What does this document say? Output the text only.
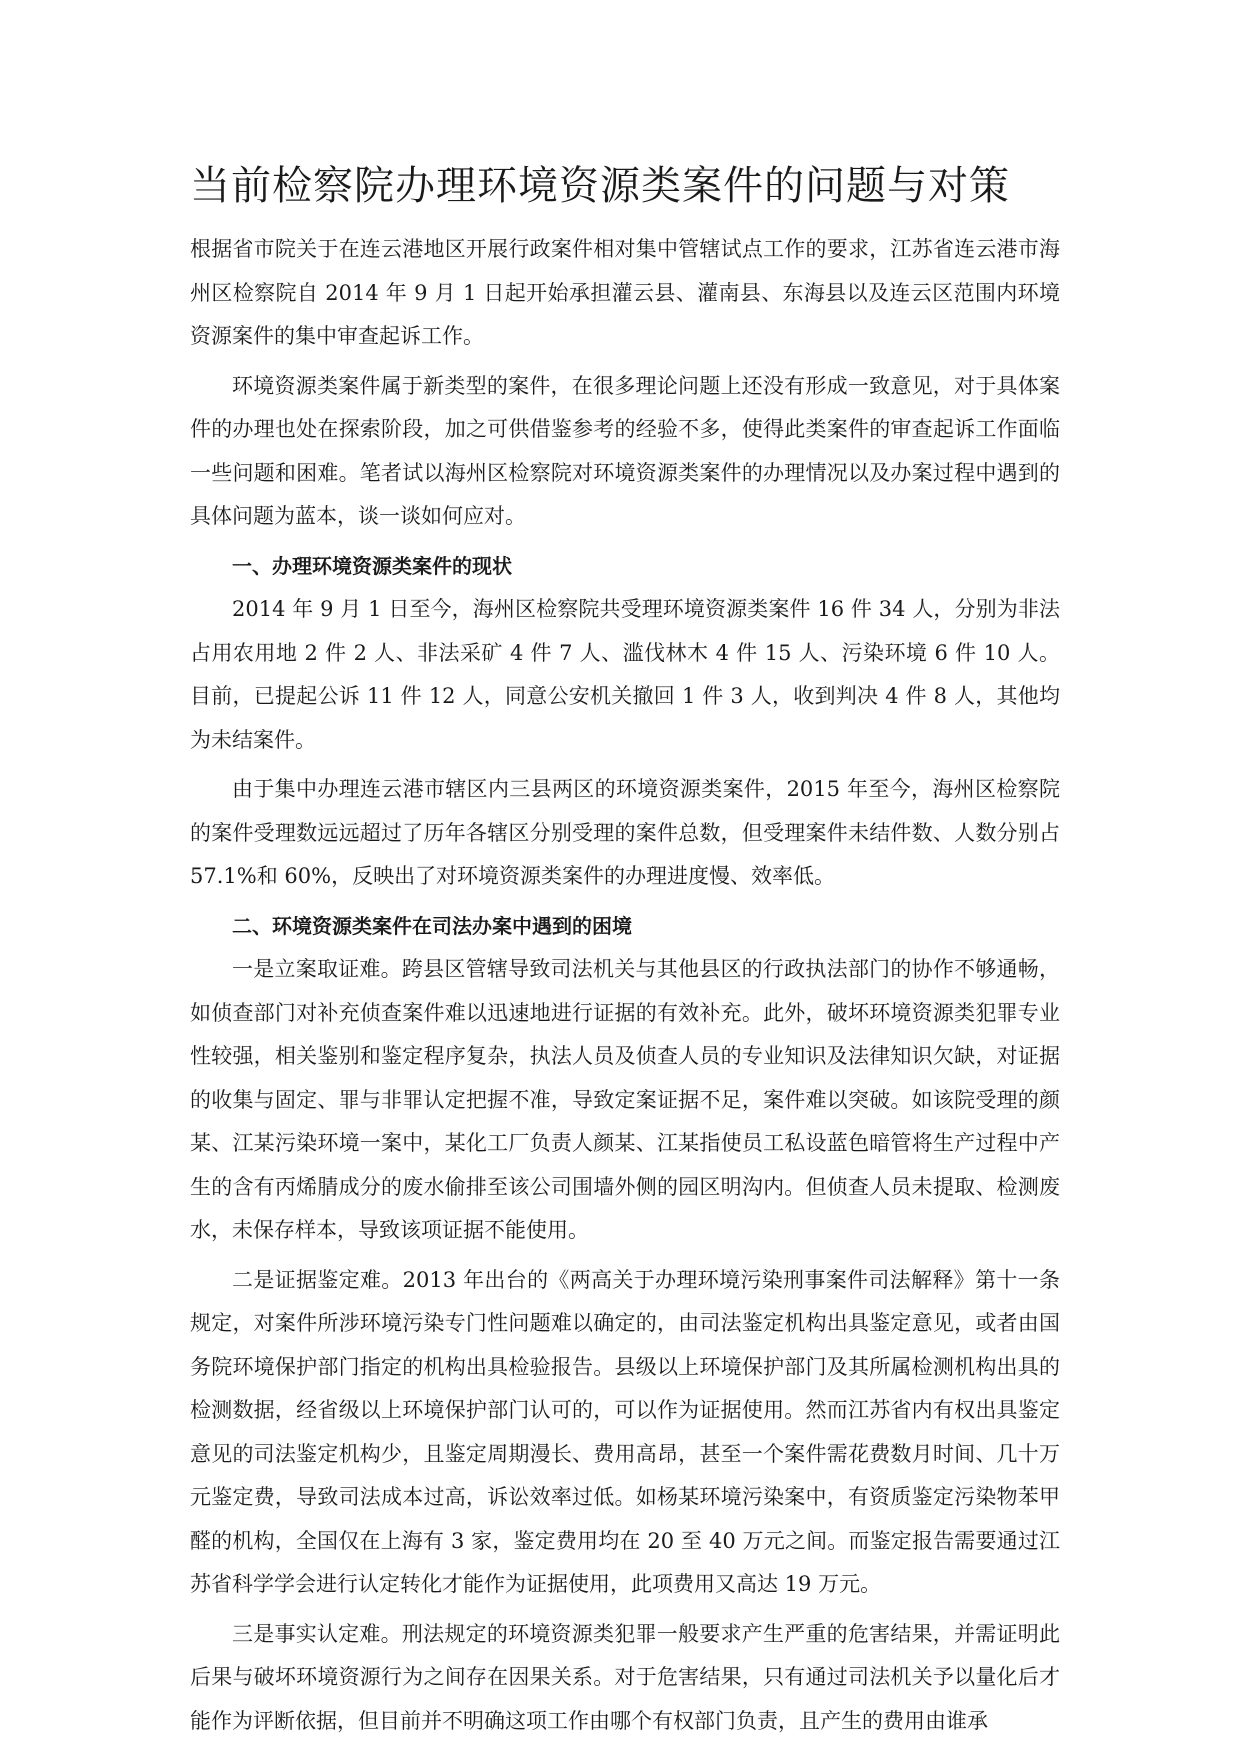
当前检察院办理环境资源类案件的问题与对策

根据省市院关于在连云港地区开展行政案件相对集中管辖试点工作的要求，江苏省连云港市海州区检察院自 2014 年 9 月 1 日起开始承担灌云县、灌南县、东海县以及连云区范围内环境资源案件的集中审查起诉工作。

环境资源类案件属于新类型的案件，在很多理论问题上还没有形成一致意见，对于具体案件的办理也处在探索阶段，加之可供借鉴参考的经验不多，使得此类案件的审查起诉工作面临一些问题和困难。笔者试以海州区检察院对环境资源类案件的办理情况以及办案过程中遇到的具体问题为蓝本，谈一谈如何应对。

一、办理环境资源类案件的现状

2014 年 9 月 1 日至今，海州区检察院共受理环境资源类案件 16 件 34 人，分别为非法占用农用地 2 件 2 人、非法采矿 4 件 7 人、滥伐林木 4 件 15 人、污染环境 6 件 10 人。目前，已提起公诉 11 件 12 人，同意公安机关撤回 1 件 3 人，收到判决 4 件 8 人，其他均为未结案件。

由于集中办理连云港市辖区内三县两区的环境资源类案件，2015 年至今，海州区检察院的案件受理数远远超过了历年各辖区分别受理的案件总数，但受理案件未结件数、人数分别占 57.1%和 60%，反映出了对环境资源类案件的办理进度慢、效率低。

二、环境资源类案件在司法办案中遇到的困境

一是立案取证难。跨县区管辖导致司法机关与其他县区的行政执法部门的协作不够通畅，如侦查部门对补充侦查案件难以迅速地进行证据的有效补充。此外，破坏环境资源类犯罪专业性较强，相关鉴别和鉴定程序复杂，执法人员及侦查人员的专业知识及法律知识欠缺，对证据的收集与固定、罪与非罪认定把握不准，导致定案证据不足，案件难以突破。如该院受理的颜某、江某污染环境一案中，某化工厂负责人颜某、江某指使员工私设蓝色暗管将生产过程中产生的含有丙烯腈成分的废水偷排至该公司围墙外侧的园区明沟内。但侦查人员未提取、检测废水，未保存样本，导致该项证据不能使用。

二是证据鉴定难。2013 年出台的《两高关于办理环境污染刑事案件司法解释》第十一条规定，对案件所涉环境污染专门性问题难以确定的，由司法鉴定机构出具鉴定意见，或者由国务院环境保护部门指定的机构出具检验报告。县级以上环境保护部门及其所属检测机构出具的检测数据，经省级以上环境保护部门认可的，可以作为证据使用。然而江苏省内有权出具鉴定意见的司法鉴定机构少，且鉴定周期漫长、费用高昂，甚至一个案件需花费数月时间、几十万元鉴定费，导致司法成本过高，诉讼效率过低。如杨某环境污染案中，有资质鉴定污染物苯甲醛的机构，全国仅在上海有 3 家，鉴定费用均在 20 至 40 万元之间。而鉴定报告需要通过江苏省科学学会进行认定转化才能作为证据使用，此项费用又高达 19 万元。

三是事实认定难。刑法规定的环境资源类犯罪一般要求产生严重的危害结果，并需证明此后果与破坏环境资源行为之间存在因果关系。对于危害结果，只有通过司法机关予以量化后才能作为评断依据，但目前并不明确这项工作由哪个有权部门负责，且产生的费用由谁承
